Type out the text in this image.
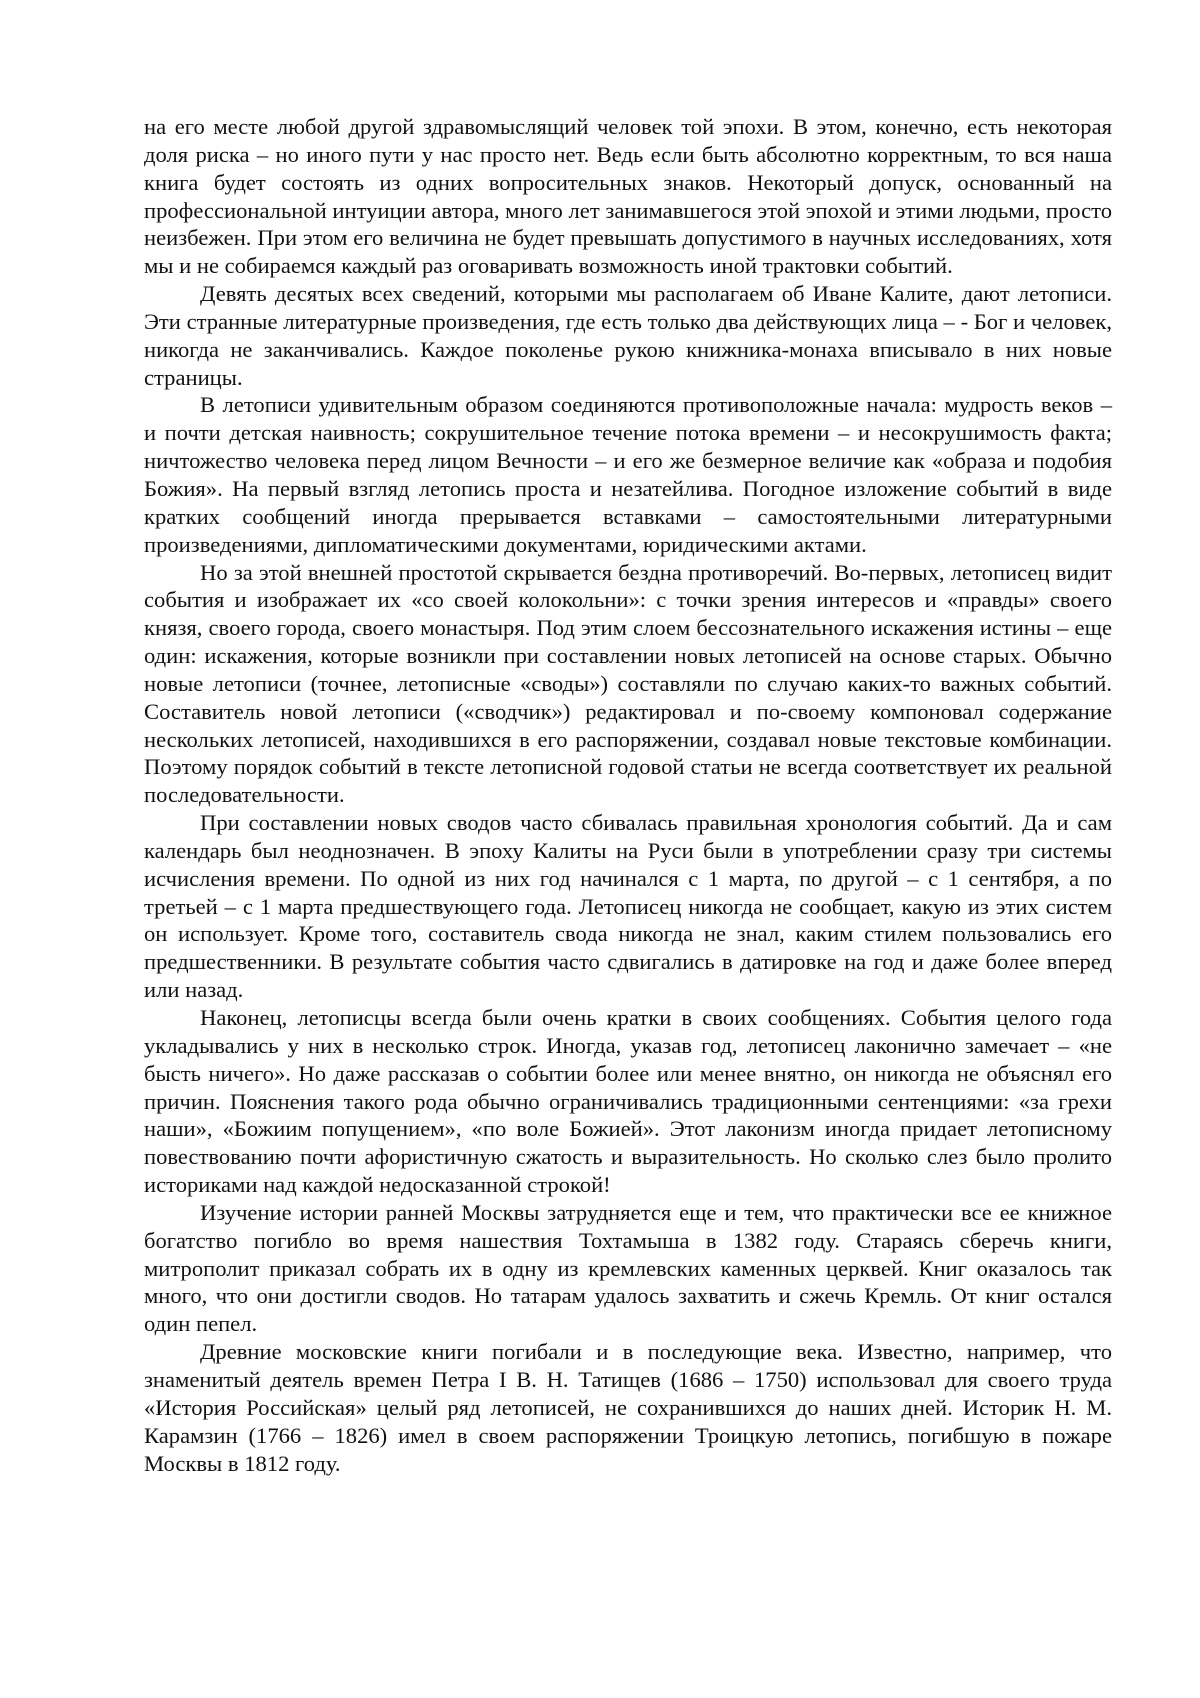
на его месте любой другой здравомыслящий человек той эпохи. В этом, конечно, есть некоторая доля риска – но иного пути у нас просто нет. Ведь если быть абсолютно корректным, то вся наша книга будет состоять из одних вопросительных знаков. Некоторый допуск, основанный на профессиональной интуиции автора, много лет занимавшегося этой эпохой и этими людьми, просто неизбежен. При этом его величина не будет превышать допустимого в научных исследованиях, хотя мы и не собираемся каждый раз оговаривать возможность иной трактовки событий.

Девять десятых всех сведений, которыми мы располагаем об Иване Калите, дают летописи. Эти странные литературные произведения, где есть только два действующих лица – - Бог и человек, никогда не заканчивались. Каждое поколенье рукою книжника-монаха вписывало в них новые страницы.

В летописи удивительным образом соединяются противоположные начала: мудрость веков – и почти детская наивность; сокрушительное течение потока времени – и несокрушимость факта; ничтожество человека перед лицом Вечности – и его же безмерное величие как «образа и подобия Божия». На первый взгляд летопись проста и незатейлива. Погодное изложение событий в виде кратких сообщений иногда прерывается вставками – самостоятельными литературными произведениями, дипломатическими документами, юридическими актами.

Но за этой внешней простотой скрывается бездна противоречий. Во-первых, летописец видит события и изображает их «со своей колокольни»: с точки зрения интересов и «правды» своего князя, своего города, своего монастыря. Под этим слоем бессознательного искажения истины – еще один: искажения, которые возникли при составлении новых летописей на основе старых. Обычно новые летописи (точнее, летописные «своды») составляли по случаю каких-то важных событий. Составитель новой летописи («сводчик») редактировал и по-своему компоновал содержание нескольких летописей, находившихся в его распоряжении, создавал новые текстовые комбинации. Поэтому порядок событий в тексте летописной годовой статьи не всегда соответствует их реальной последовательности.

При составлении новых сводов часто сбивалась правильная хронология событий. Да и сам календарь был неоднозначен. В эпоху Калиты на Руси были в употреблении сразу три системы исчисления времени. По одной из них год начинался с 1 марта, по другой – с 1 сентября, а по третьей – с 1 марта предшествующего года. Летописец никогда не сообщает, какую из этих систем он использует. Кроме того, составитель свода никогда не знал, каким стилем пользовались его предшественники. В результате события часто сдвигались в датировке на год и даже более вперед или назад.

Наконец, летописцы всегда были очень кратки в своих сообщениях. События целого года укладывались у них в несколько строк. Иногда, указав год, летописец лаконично замечает – «не бысть ничего». Но даже рассказав о событии более или менее внятно, он никогда не объяснял его причин. Пояснения такого рода обычно ограничивались традиционными сентенциями: «за грехи наши», «Божиим попущением», «по воле Божией». Этот лаконизм иногда придает летописному повествованию почти афористичную сжатость и выразительность. Но сколько слез было пролито историками над каждой недосказанной строкой!

Изучение истории ранней Москвы затрудняется еще и тем, что практически все ее книжное богатство погибло во время нашествия Тохтамыша в 1382 году. Стараясь сберечь книги, митрополит приказал собрать их в одну из кремлевских каменных церквей. Книг оказалось так много, что они достигли сводов. Но татарам удалось захватить и сжечь Кремль. От книг остался один пепел.

Древние московские книги погибали и в последующие века. Известно, например, что знаменитый деятель времен Петра I В. Н. Татищев (1686 – 1750) использовал для своего труда «История Российская» целый ряд летописей, не сохранившихся до наших дней. Историк Н. М. Карамзин (1766 – 1826) имел в своем распоряжении Троицкую летопись, погибшую в пожаре Москвы в 1812 году.
